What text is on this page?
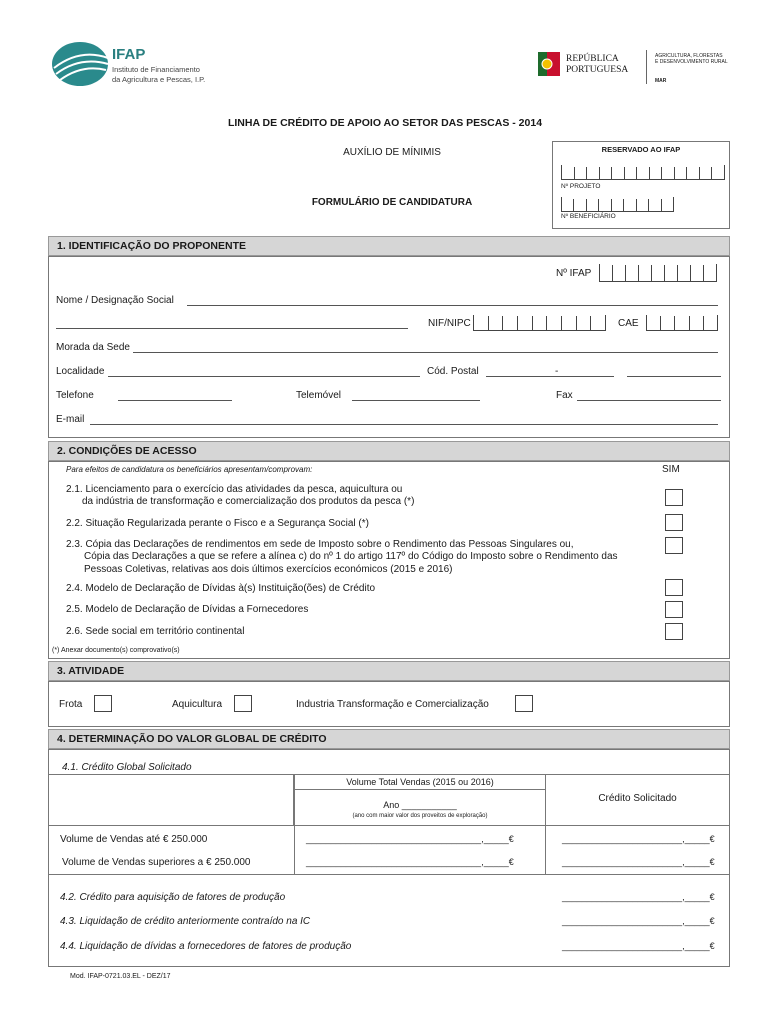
IFAP
Instituto de Financiamento
da Agricultura e Pescas, I.P.
REPÚBLICA
PORTUGUESA
AGRICULTURA, FLORESTAS
E DESENVOLVIMENTO RURAL
MAR
LINHA DE CRÉDITO DE APOIO AO SETOR DAS PESCAS - 2014
AUXÍLIO DE MÍNIMIS
FORMULÁRIO DE CANDIDATURA
RESERVADO AO IFAP
Nº PROJETO
Nº BENEFICIÁRIO
1. IDENTIFICAÇÃO DO PROPONENTE
Nº IFAP
Nome / Designação Social
NIF/NIPC	CAE
Morada da Sede
Localidade	Cód. Postal	-
Telefone	Telemóvel	Fax
E-mail
2. CONDIÇÕES DE ACESSO
Para efeitos de candidatura os beneficiários apresentam/comprovam:	SIM
2.1. Licenciamento para o exercício das atividades da pesca, aquicultura ou
da indústria de transformação e comercialização dos produtos da pesca (*)
2.2. Situação Regularizada perante o Fisco e a Segurança Social (*)
2.3. Cópia das Declarações de rendimentos em sede de Imposto sobre o Rendimento das Pessoas Singulares ou,
Cópia das Declarações a que se refere a alínea c) do nº 1 do artigo 117º do Código do Imposto sobre o Rendimento das
Pessoas Coletivas, relativas aos dois últimos exercícios económicos (2015 e 2016)
2.4. Modelo de Declaração de Dívidas à(s) Instituição(ões) de Crédito
2.5. Modelo de Declaração de Dívidas a Fornecedores
2.6. Sede social em território continental
(*) Anexar documento(s) comprovativo(s)
3. ATIVIDADE
Frota	Aquicultura	Industria Transformação e Comercialização
4. DETERMINAÇÃO DO VALOR GLOBAL DE CRÉDITO
4.1. Crédito Global Solicitado
Volume Total Vendas (2015 ou 2016)
Ano ___________
(ano com maior valor dos proveitos de exploração)
Crédito Solicitado
Volume de Vendas até € 250.000	___________________________________,_____€	________________________,_____€
Volume de Vendas superiores a € 250.000	___________________________________,_____€	________________________,_____€
4.2. Crédito para aquisição de fatores de produção	________________________,_____€
4.3. Liquidação de crédito anteriormente contraído na IC	________________________,_____€
4.4. Liquidação de dívidas a fornecedores de fatores de produção	________________________,_____€
Mod. IFAP-0721.03.EL - DEZ/17
